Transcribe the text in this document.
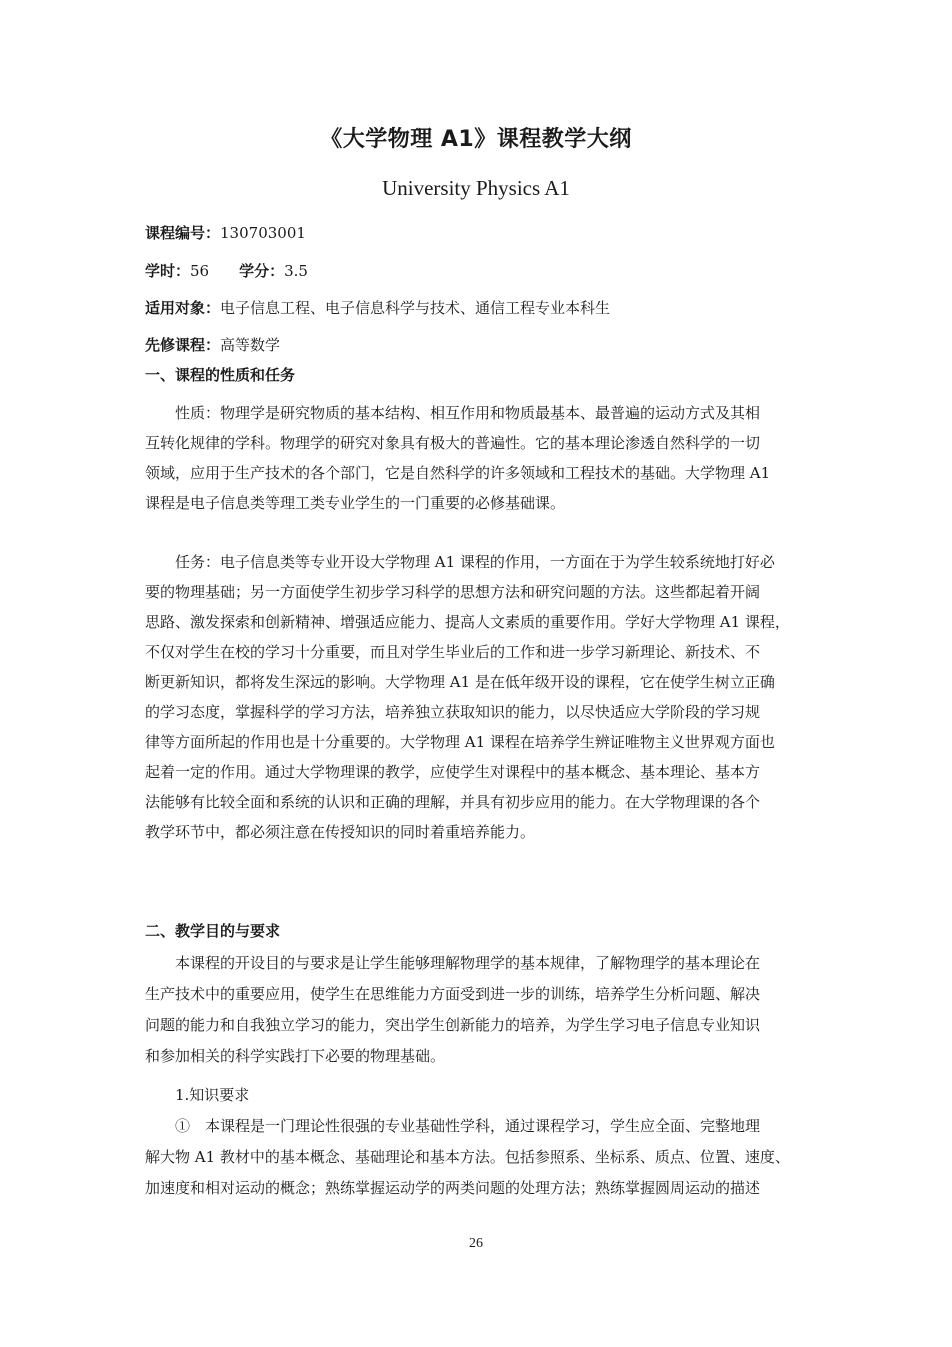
《大学物理 A1》课程教学大纲
University Physics A1
课程编号：130703001
学时：56 学分：3.5
适用对象：电子信息工程、电子信息科学与技术、通信工程专业本科生
先修课程：高等数学
一、课程的性质和任务
性质：物理学是研究物质的基本结构、相互作用和物质最基本、最普遍的运动方式及其相
互转化规律的学科。物理学的研究对象具有极大的普遍性。它的基本理论渗透自然科学的一切
领域，应用于生产技术的各个部门，它是自然科学的许多领域和工程技术的基础。大学物理 A1
课程是电子信息类等理工类专业学生的一门重要的必修基础课。
任务：电子信息类等专业开设大学物理 A1 课程的作用，一方面在于为学生较系统地打好必
要的物理基础；另一方面使学生初步学习科学的思想方法和研究问题的方法。这些都起着开阔
思路、激发探索和创新精神、增强适应能力、提高人文素质的重要作用。学好大学物理 A1 课程，
不仅对学生在校的学习十分重要，而且对学生毕业后的工作和进一步学习新理论、新技术、不
断更新知识，都将发生深远的影响。大学物理 A1 是在低年级开设的课程，它在使学生树立正确
的学习态度，掌握科学的学习方法，培养独立获取知识的能力，以尽快适应大学阶段的学习规
律等方面所起的作用也是十分重要的。大学物理 A1 课程在培养学生辨证唯物主义世界观方面也
起着一定的作用。通过大学物理课的教学，应使学生对课程中的基本概念、基本理论、基本方
法能够有比较全面和系统的认识和正确的理解，并具有初步应用的能力。在大学物理课的各个
教学环节中，都必须注意在传授知识的同时着重培养能力。
二、教学目的与要求
本课程的开设目的与要求是让学生能够理解物理学的基本规律，了解物理学的基本理论在
生产技术中的重要应用，使学生在思维能力方面受到进一步的训练，培养学生分析问题、解决
问题的能力和自我独立学习的能力，突出学生创新能力的培养，为学生学习电子信息专业知识
和参加相关的科学实践打下必要的物理基础。
1.知识要求
①　本课程是一门理论性很强的专业基础性学科，通过课程学习，学生应全面、完整地理
解大物 A1 教材中的基本概念、基础理论和基本方法。包括参照系、坐标系、质点、位置、速度、
加速度和相对运动的概念；熟练掌握运动学的两类问题的处理方法；熟练掌握圆周运动的描述
26
